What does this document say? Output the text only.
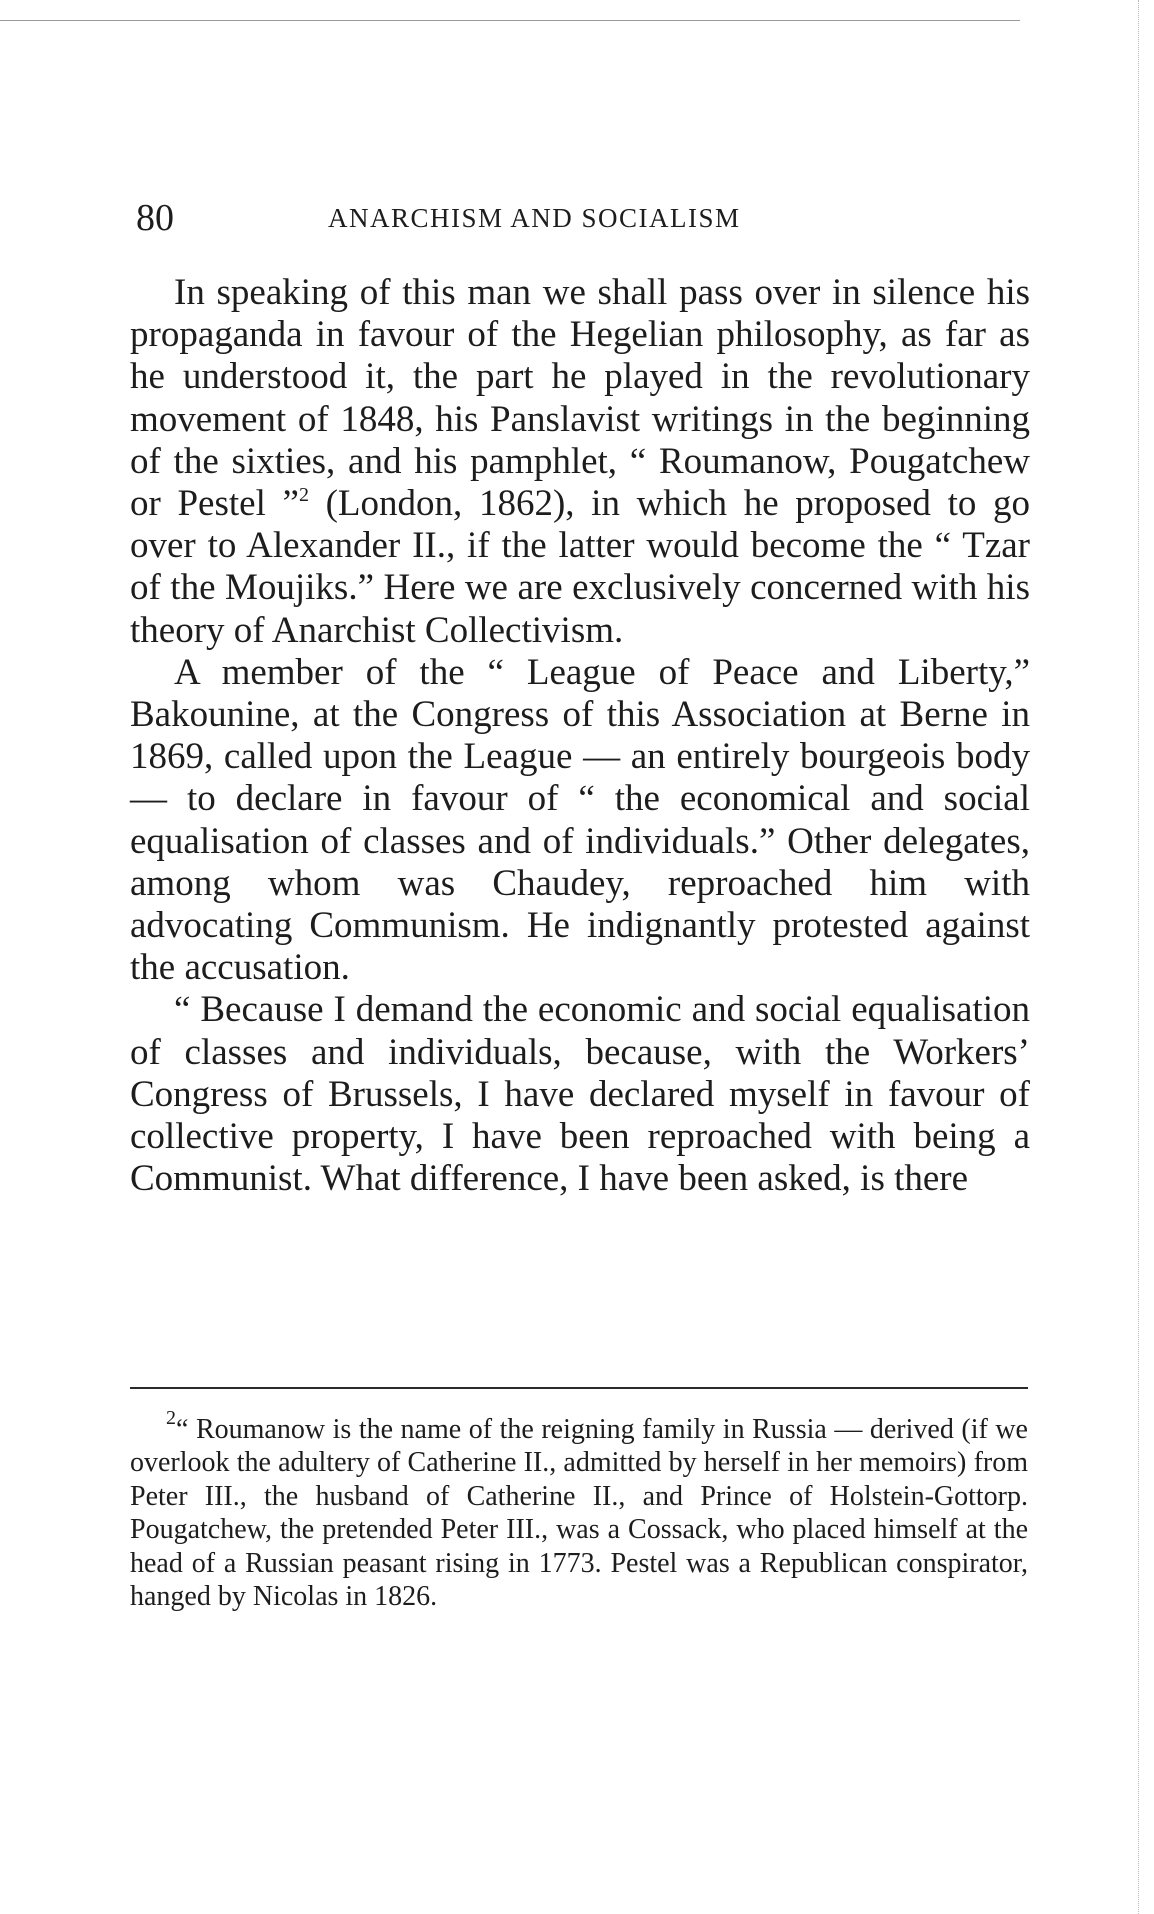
80	ANARCHISM AND SOCIALISM

In speaking of this man we shall pass over in silence his propaganda in favour of the Hegelian philosophy, as far as he understood it, the part he played in the revolutionary movement of 1848, his Panslavist writings in the beginning of the sixties, and his pamphlet, “ Roumanow, Pougatchew or Pestel ”$^2$ (London, 1862), in which he proposed to go over to Alexander II., if the latter would become the “ Tzar of the Moujiks.” Here we are exclusively concerned with his theory of Anarchist Collectivism.

A member of the “ League of Peace and Liberty,” Bakounine, at the Congress of this Association at Berne in 1869, called upon the League — an entirely bourgeois body — to declare in favour of “ the economical and social equalisation of classes and of individuals.” Other delegates, among whom was Chaudey, reproached him with advocating Communism. He indignantly protested against the accusation.

“ Because I demand the economic and social equalisation of classes and individuals, because, with the Workers’ Congress of Brussels, I have declared myself in favour of collective property, I have been reproached with being a Communist. What difference, I have been asked, is there

$^2$“ Roumanow is the name of the reigning family in Russia — derived (if we overlook the adultery of Catherine II., admitted by herself in her memoirs) from Peter III., the husband of Catherine II., and Prince of Holstein-Gottorp. Pougatchew, the pretended Peter III., was a Cossack, who placed himself at the head of a Russian peasant rising in 1773. Pestel was a Republican conspirator, hanged by Nicolas in 1826.
